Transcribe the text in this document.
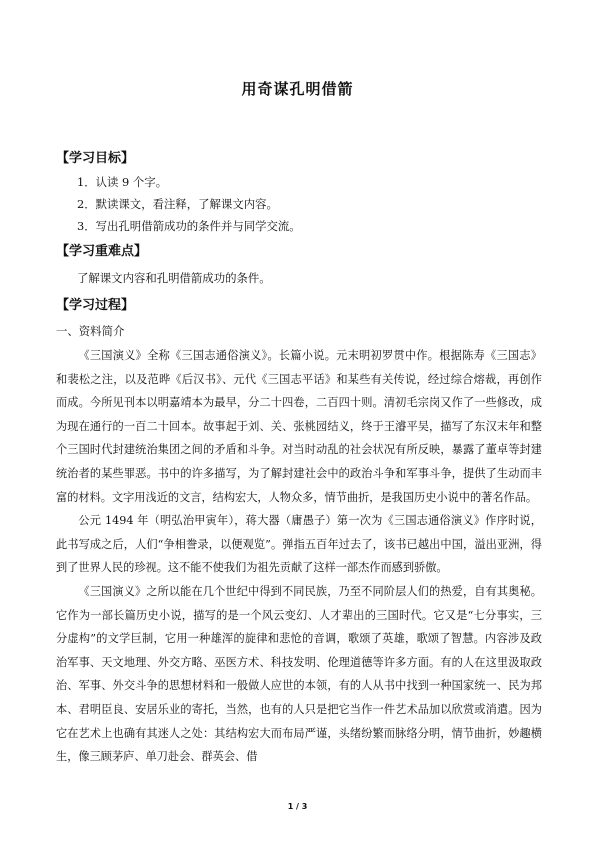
用奇谋孔明借箭
【学习目标】
1．认读 9 个字。
2．默读课文，看注释，了解课文内容。
3．写出孔明借箭成功的条件并与同学交流。
【学习重难点】
了解课文内容和孔明借箭成功的条件。
【学习过程】
一、资料简介

《三国演义》全称《三国志通俗演义》。长篇小说。元末明初罗贯中作。根据陈寿《三国志》和裴松之注，以及范晔《后汉书》、元代《三国志平话》和某些有关传说，经过综合熔裁，再创作而成。今所见刊本以明嘉靖本为最早，分二十四卷，二百四十则。清初毛宗岗又作了一些修改，成为现在通行的一百二十回本。故事起于刘、关、张桃园结义，终于王濬平吴，描写了东汉末年和整个三国时代封建统治集团之间的矛盾和斗争。对当时动乱的社会状况有所反映，暴露了董卓等封建统治者的某些罪恶。书中的许多描写，为了解封建社会中的政治斗争和军事斗争，提供了生动而丰富的材料。文字用浅近的文言，结构宏大，人物众多，情节曲折，是我国历史小说中的著名作品。

公元 1494 年（明弘治甲寅年），蒋大器（庸愚子）第一次为《三国志通俗演义》作序时说，此书写成之后，人们“争相誊录，以便观览”。弹指五百年过去了，该书已越出中国，溢出亚洲，得到了世界人民的珍视。这不能不使我们为祖先贡献了这样一部杰作而感到骄傲。

《三国演义》之所以能在几个世纪中得到不同民族，乃至不同阶层人们的热爱，自有其奥秘。它作为一部长篇历史小说，描写的是一个风云变幻、人才辈出的三国时代。它又是“七分事实，三分虚构”的文学巨制，它用一种雄浑的旋律和悲怆的音调，歌颂了英雄，歌颂了智慧。内容涉及政治军事、天文地理、外交方略、巫医方术、科技发明、伦理道德等许多方面。有的人在这里汲取政治、军事、外交斗争的思想材料和一般做人应世的本领，有的人从书中找到一种国家统一、民为邦本、君明臣良、安居乐业的寄托，当然，也有的人只是把它当作一件艺术品加以欣赏或消遣。因为它在艺术上也确有其迷人之处：其结构宏大而布局严谨，头绪纷繁而脉络分明，情节曲折，妙趣横生，像三顾茅庐、单刀赴会、群英会、借

1 / 3
